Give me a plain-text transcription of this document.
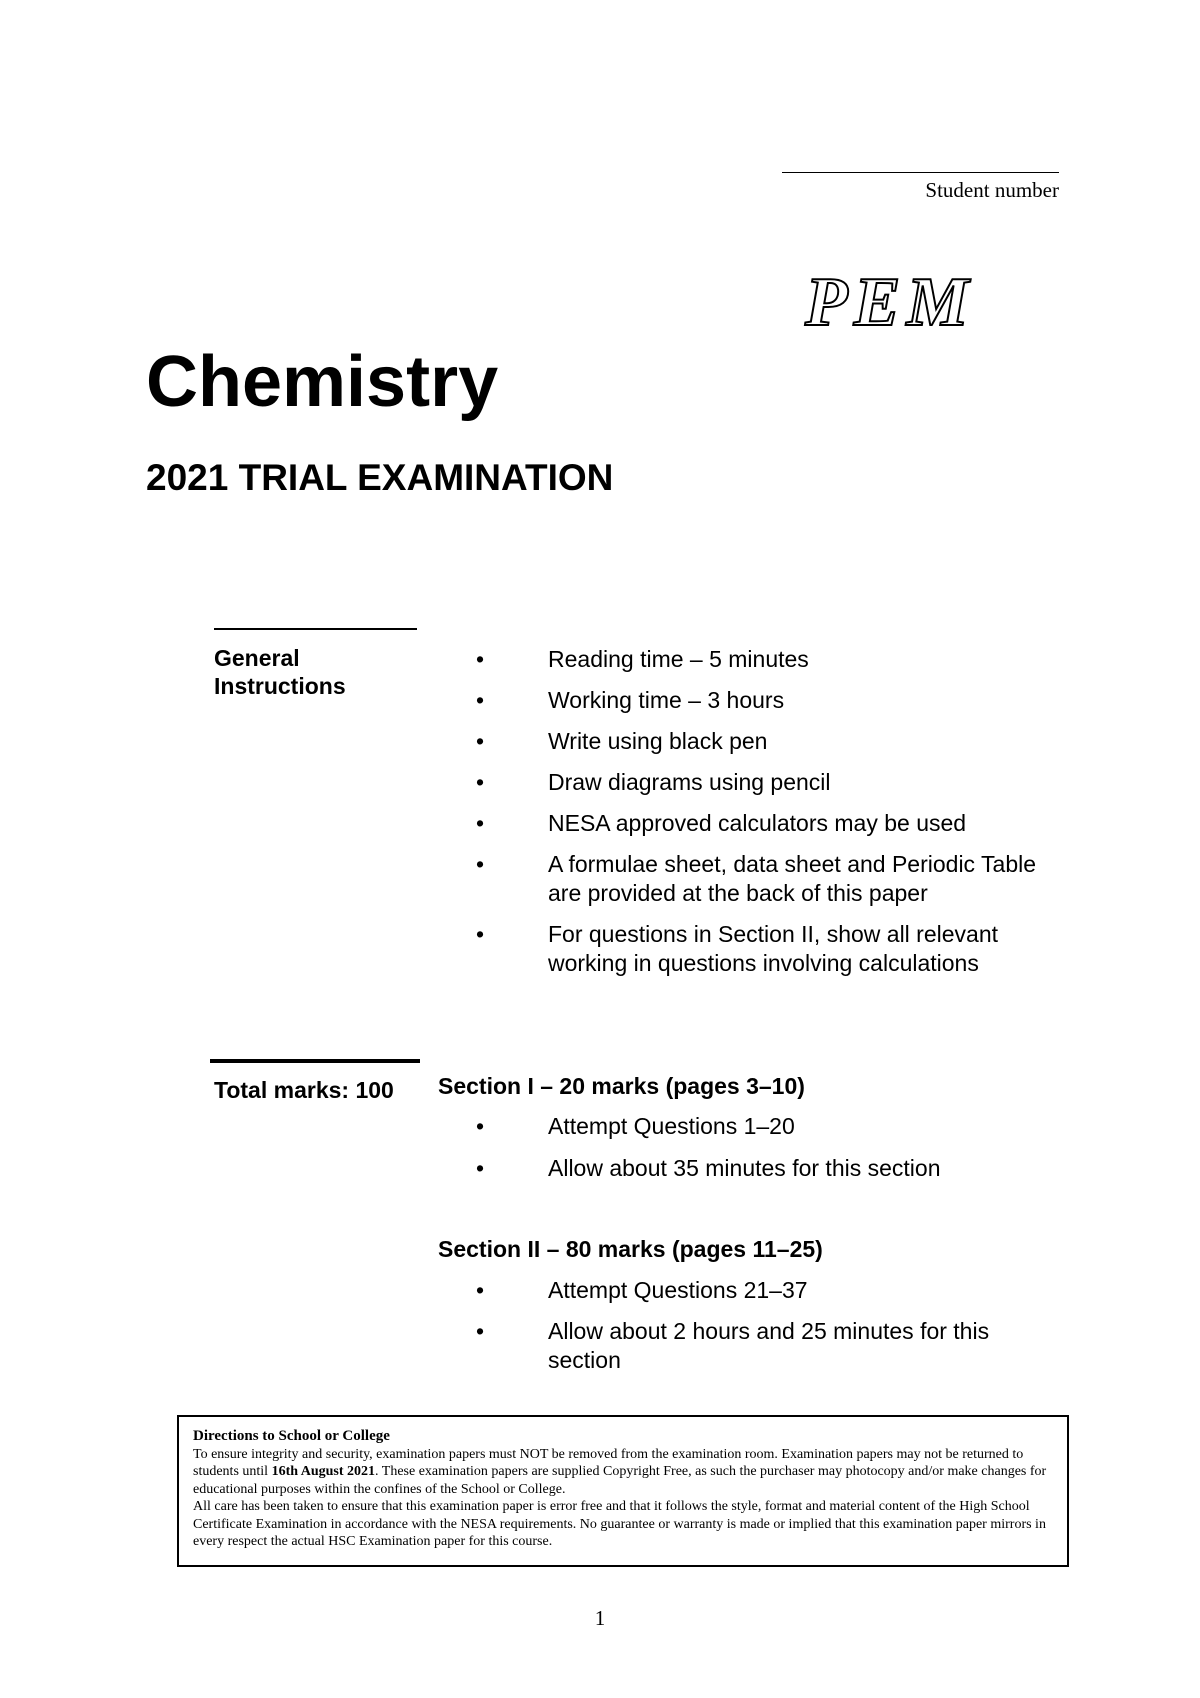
Student number
PEM
Chemistry
2021 TRIAL EXAMINATION
General Instructions
• Reading time – 5 minutes
• Working time – 3 hours
• Write using black pen
• Draw diagrams using pencil
• NESA approved calculators may be used
• A formulae sheet, data sheet and Periodic Table are provided at the back of this paper
• For questions in Section II, show all relevant working in questions involving calculations
Total marks: 100 Section I – 20 marks (pages 3–10)
• Attempt Questions 1–20
• Allow about 35 minutes for this section
Section II – 80 marks (pages 11–25)
• Attempt Questions 21–37
• Allow about 2 hours and 25 minutes for this section
Directions to School or College
To ensure integrity and security, examination papers must NOT be removed from the examination room. Examination papers may not be returned to students until 16th August 2021. These examination papers are supplied Copyright Free, as such the purchaser may photocopy and/or make changes for educational purposes within the confines of the School or College.
All care has been taken to ensure that this examination paper is error free and that it follows the style, format and material content of the High School Certificate Examination in accordance with the NESA requirements. No guarantee or warranty is made or implied that this examination paper mirrors in every respect the actual HSC Examination paper for this course.
1
